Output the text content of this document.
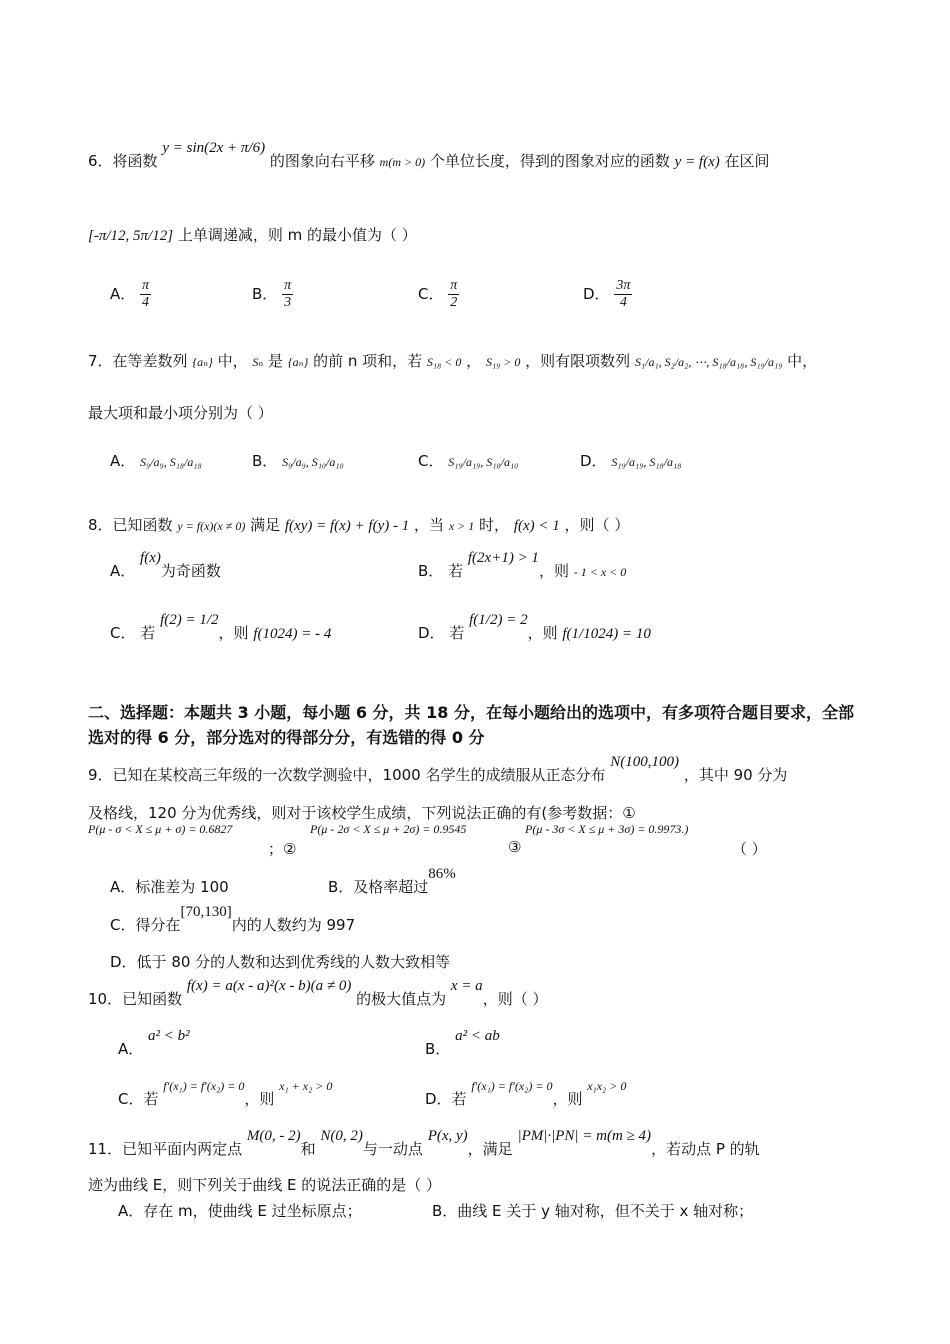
6．将函数 y = sin(2x + π/6) 的图象向右平移 m(m > 0) 个单位长度，得到的图象对应的函数 y = f(x) 在区间
[-π/12, 5π/12] 上单调递减，则 m 的最小值为（ ）
A． $\frac{\pi}{4}$	B． $\frac{\pi}{3}$	C． $\frac{\pi}{2}$	D． $\frac{3\pi}{4}$
7．在等差数列 {aₙ} 中， Sₙ 是 {aₙ} 的前 n 项和，若 S₁₈ < 0 ， S₁₉ > 0 ，则有限项数列 S₁/a₁, S₂/a₂, ⋯, S₁₈/a₁₈, S₁₉/a₁₉ 中，
最大项和最小项分别为（ ）
A． S₉/a₉, S₁₈/a₁₈	B． S₉/a₉, S₁₀/a₁₀	C． S₁₉/a₁₉, S₁₀/a₁₀	D． S₁₉/a₁₉, S₁₈/a₁₈
8．已知函数 y = f(x)(x ≠ 0) 满足 f(xy) = f(x) + f(y) - 1 ，当 x > 1 时， f(x) < 1 ，则（ ）
A． f(x)为奇函数	B． 若 f(2x+1) > 1，则 - 1 < x < 0
C． 若 f(2) = 1/2，则 f(1024) = - 4	D． 若 f(1/2) = 2，则 f(1/1024) = 10
二、选择题：本题共 3 小题，每小题 6 分，共 18 分，在每小题给出的选项中，有多项符合题目要求，全部选对的得 6 分，部分选对的得部分分，有选错的得 0 分
9．已知在某校高三年级的一次数学测验中，1000 名学生的成绩服从正态分布 N(100,100) ，其中 90 分为
及格线，120 分为优秀线，则对于该校学生成绩，下列说法正确的有(参考数据：①
P(μ - σ < X ≤ μ + σ) = 0.6827
；②
P(μ - 2σ < X ≤ μ + 2σ) = 0.9545
③
P(μ - 3σ < X ≤ μ + 3σ) = 0.9973.)
（ ）
A．标准差为 100	B．及格率超过86%
C．得分在[70,130]内的人数约为 997
D．低于 80 分的人数和达到优秀线的人数大致相等
10．已知函数 f(x) = a(x - a)²(x - b)(a ≠ 0) 的极大值点为 x = a，则（ ）
A． a² < b²
B． a² < ab
C．若 $^{f'(x_1) = f'(x_2) = 0}$，则 $^{x_1 + x_2 > 0}$
D．若 $^{f'(x_1) = f'(x_2) = 0}$，则 $^{x_1x_2 > 0}$
11．已知平面内两定点 M(0, - 2)和 N(0, 2)与一动点 P(x, y)，满足 |PM|·|PN| = m(m ≥ 4)，若动点 P 的轨
迹为曲线 E，则下列关于曲线 E 的说法正确的是（ ）
A．存在 m，使曲线 E 过坐标原点；	B．曲线 E 关于 y 轴对称，但不关于 x 轴对称；
